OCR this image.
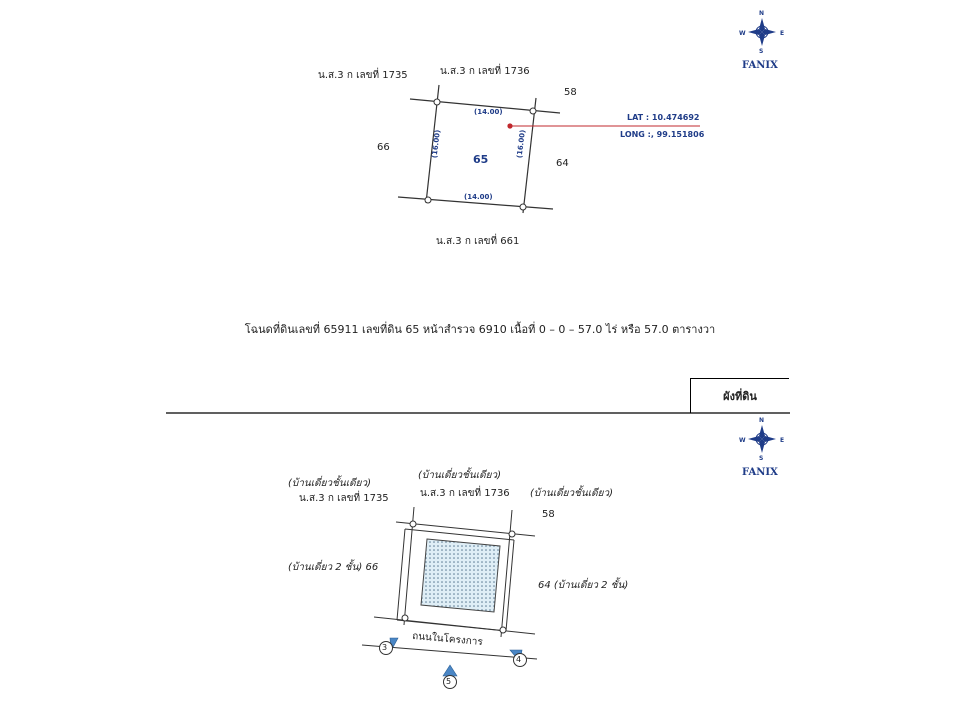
น.ส.3 ก เลขที่ 1735	น.ส.3 ก เลขที่ 1736
58
66
64
น.ส.3 ก เลขที่ 661
65
(14.00)
(14.00)
(16.00)	(16.00)
LAT : 10.474692
LONG :, 99.151806
N
W	E
S
FANIX
โฉนดที่ดินเลขที่ 65911 เลขที่ดิน 65 หน้าสำรวจ 6910 เนื้อที่ 0 – 0 – 57.0 ไร่ หรือ 57.0 ตารางวา
ผังที่ดิน
N
W	E
S
FANIX
(บ้านเดี่ยวชั้นเดียว)
(บ้านเดี่ยวชั้นเดียว)
(บ้านเดี่ยวชั้นเดียว)
น.ส.3 ก เลขที่ 1735	น.ส.3 ก เลขที่ 1736
58
(บ้านเดี่ยว 2 ชั้น) 66
64 (บ้านเดี่ยว 2 ชั้น)
ถนนในโครงการ
3
4
5
